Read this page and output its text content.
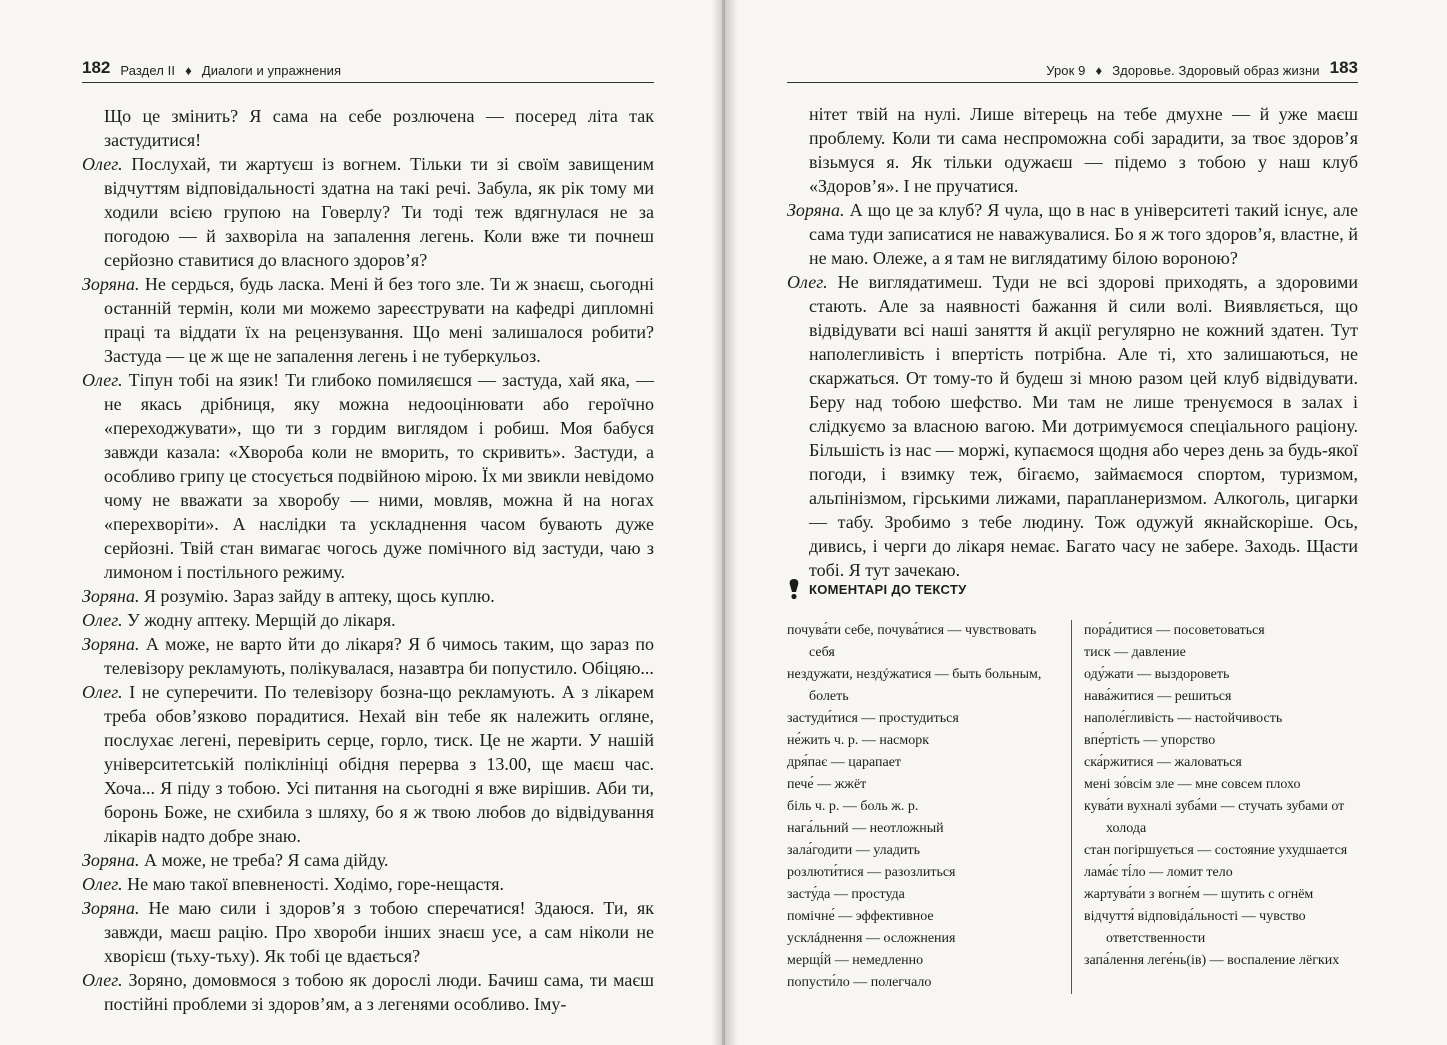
182 Раздел II ♦ Диалоги и упражнения

Що це змінить? Я сама на себе розлючена — посеред літа так застудитися!

Олег. Послухай, ти жартуєш із вогнем. Тільки ти зі своїм завищеним відчуттям відповідальності здатна на такі речі. Забула, як рік тому ми ходили всією групою на Говерлу? Ти тоді теж вдягнулася не за погодою — й захворіла на запалення легень. Коли вже ти почнеш серйозно ставитися до власного здоров’я?

Зоряна. Не сердься, будь ласка. Мені й без того зле. Ти ж знаєш, сьогодні останній термін, коли ми можемо зареєструвати на кафедрі дипломні праці та віддати їх на рецензування. Що мені залишалося робити? Застуда — це ж ще не запалення легень і не туберкульоз.

Олег. Тіпун тобі на язик! Ти глибоко помиляєшся — застуда, хай яка, — не якась дрібниця, яку можна недооцінювати або героїчно «переходжувати», що ти з гордим виглядом і робиш. Моя бабуся завжди казала: «Хвороба коли не вморить, то скривить». Застуди, а особливо грипу це стосується подвійною мірою. Їх ми звикли невідомо чому не вважати за хворобу — ними, мовляв, можна й на ногах «перехворіти». А наслідки та ускладнення часом бувають дуже серйозні. Твій стан вимагає чогось дуже помічного від застуди, чаю з лимоном і постільного режиму.

Зоряна. Я розумію. Зараз зайду в аптеку, щось куплю.

Олег. У жодну аптеку. Мерщій до лікаря.

Зоряна. А може, не варто йти до лікаря? Я б чимось таким, що зараз по телевізору рекламують, полікувалася, назавтра би попустило. Обіцяю...

Олег. І не суперечити. По телевізору бозна-що рекламують. А з лікарем треба обов’язково порадитися. Нехай він тебе як належить огляне, послухає легені, перевірить серце, горло, тиск. Це не жарти. У нашій університетській поліклініці обідня перерва з 13.00, ще маєш час. Хоча... Я піду з тобою. Усі питання на сьогодні я вже вирішив. Аби ти, боронь Боже, не схибила з шляху, бо я ж твою любов до відвідування лікарів надто добре знаю.

Зоряна. А може, не треба? Я сама дійду.

Олег. Не маю такої впевненості. Ходімо, горе-нещастя.

Зоряна. Не маю сили і здоров’я з тобою сперечатися! Здаюся. Ти, як завжди, маєш рацію. Про хвороби інших знаєш усе, а сам ніколи не хворієш (тьху-тьху). Як тобі це вдається?

Олег. Зоряно, домовмося з тобою як дорослі люди. Бачиш сама, ти маєш постійні проблеми зі здоров’ям, а з легенями особливо. Іму-

Урок 9 ♦ Здоровье. Здоровый образ жизни 183

нітет твій на нулі. Лише вітерець на тебе дмухне — й уже маєш проблему. Коли ти сама неспроможна собі зарадити, за твоє здоров’я візьмуся я. Як тільки одужаєш — підемо з тобою у наш клуб «Здоров’я». І не пручатися.

Зоряна. А що це за клуб? Я чула, що в нас в університеті такий існує, але сама туди записатися не наважувалися. Бо я ж того здоров’я, властне, й не маю. Олеже, а я там не виглядатиму білою вороною?

Олег. Не виглядатимеш. Туди не всі здорові приходять, а здоровими стають. Але за наявності бажання й сили волі. Виявляється, що відвідувати всі наші заняття й акції регулярно не кожний здатен. Тут наполегливість і впертість потрібна. Але ті, хто залишаються, не скаржаться. От тому-то й будеш зі мною разом цей клуб відвідувати. Беру над тобою шефство. Ми там не лише тренуємося в залах і слідкуємо за власною вагою. Ми дотримуємося спеціального раціону. Більшість із нас — моржі, купаємося щодня або через день за будь-якої погоди, і взимку теж, бігаємо, займаємося спортом, туризмом, альпінізмом, гірськими лижами, парапланеризмом. Алкоголь, цигарки — табу. Зробимо з тебе людину. Тож одужуй якнайскоріше. Ось, дивись, і черги до лікаря немає. Багато часу не забере. Заходь. Щасти тобі. Я тут зачекаю.

КОМЕНТАРІ ДО ТЕКСТУ
почува́ти себе, почува́тися — чувствовать себя
нездужати, нездýжатися — быть больным, болеть
застуди́тися — простудиться
не́жить ч. р. — насморк
дря́пає — царапает
пече́ — жжёт
біль ч. р. — боль ж. р.
нага́льний — неотложный
зала́годити — уладить
розлюти́тися — разозлиться
засту́да — простуда
помічне́ — эффективное
усклáднення — осложнения
мерщі́й — немедленно
попусти́ло — полегчало
пора́дитися — посоветоваться
тиск — давление
оду́жати — выздороветь
нава́житися — решиться
наполе́гливість — настойчивость
впе́ртість — упорство
ска́ржитися — жаловаться
мені зо́всім зле — мне совсем плохо
кува́ти вухналі зуба́ми — стучать зубами от холода
стан погіршується — состояние ухудшается
лама́є ті́ло — ломит тело
жартува́ти з вогне́м — шутить с огнём
відчуття́ відповіда́льності — чувство ответственности
запа́лення леге́нь(ів) — воспаление лёгких
